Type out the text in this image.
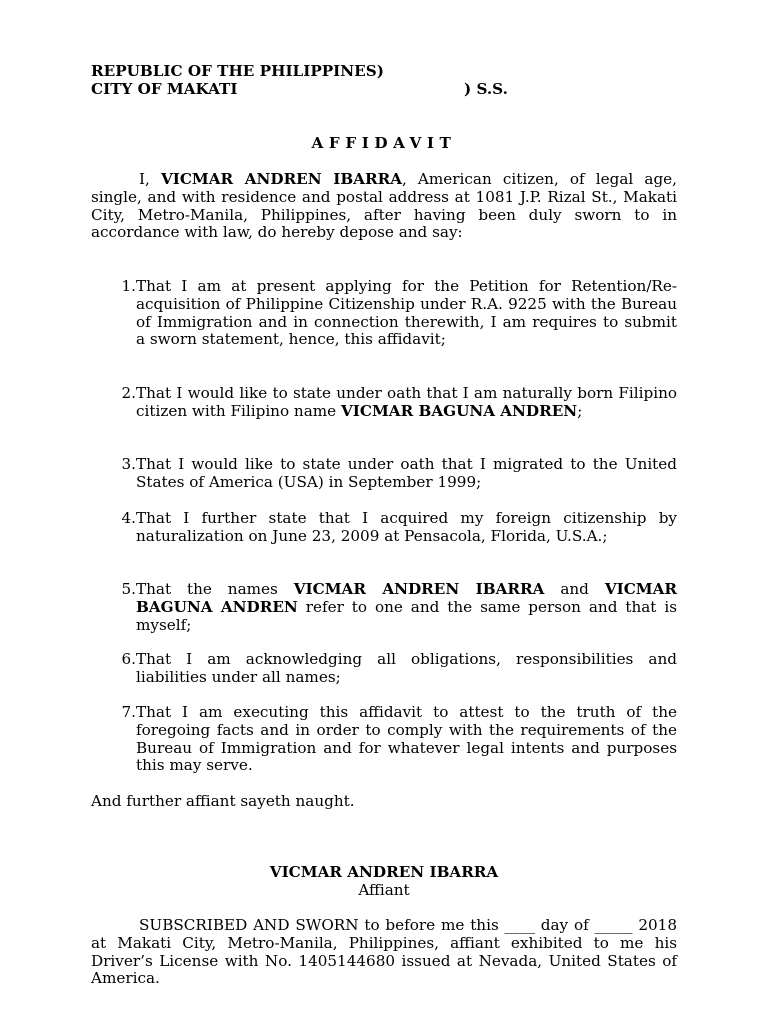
REPUBLIC OF THE PHILIPPINES)
CITY OF MAKATI	) S.S.
AFFIDAVIT

I, VICMAR ANDREN IBARRA, American citizen, of legal age, single, and with residence and postal address at 1081 J.P. Rizal St., Makati City, Metro-Manila, Philippines, after having been duly sworn to in accordance with law, do hereby depose and say:

1. That I am at present applying for the Petition for Retention/Re-acquisition of Philippine Citizenship under R.A. 9225 with the Bureau of Immigration and in connection therewith, I am requires to submit a sworn statement, hence, this affidavit;

2. That I would like to state under oath that I am naturally born Filipino citizen with Filipino name VICMAR BAGUNA ANDREN;

3. That I would like to state under oath that I migrated to the United States of America (USA) in September 1999;

4. That I further state that I acquired my foreign citizenship by naturalization on June 23, 2009 at Pensacola, Florida, U.S.A.;

5. That the names VICMAR ANDREN IBARRA and VICMAR BAGUNA ANDREN refer to one and the same person and that is myself;

6. That I am acknowledging all obligations, responsibilities and liabilities under all names;

7. That I am executing this affidavit to attest to the truth of the foregoing facts and in order to comply with the requirements of the Bureau of Immigration and for whatever legal intents and purposes this may serve.

And further affiant sayeth naught.

VICMAR ANDREN IBARRA
Affiant

SUBSCRIBED AND SWORN to before me this ____ day of _____ 2018 at Makati City, Metro-Manila, Philippines, affiant exhibited to me his Driver’s License with No. 1405144680 issued at Nevada, United States of America.
